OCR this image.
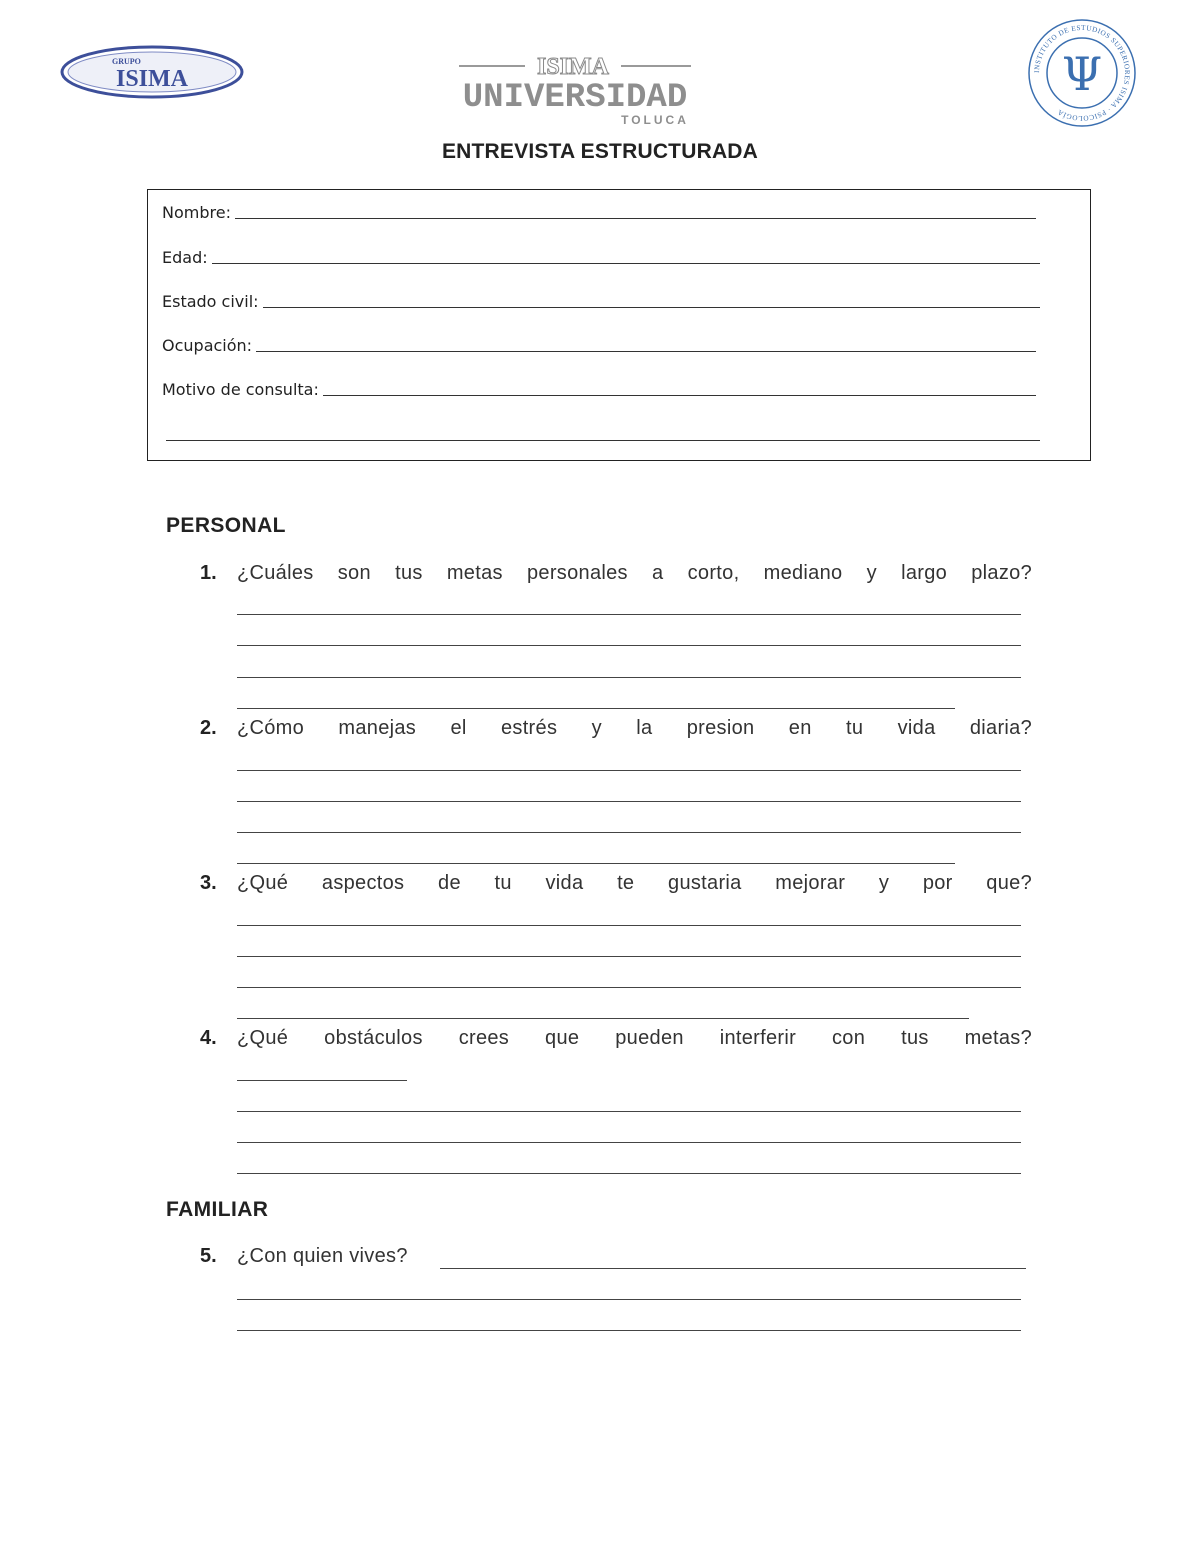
GRUPO
ISIMA	ISIMA
UNIVERSIDAD
TOLUCA
INSTITUTO DE ESTUDIOS SUPERIORES ISIMA · PSICOLOGÍA
Ψ
ENTREVISTA ESTRUCTURADA
Nombre:
Edad:
Estado civil:
Ocupación:
Motivo de consulta:
PERSONAL
1. ¿Cuáles son tus metas personales a corto, mediano y largo plazo?
2. ¿Cómo manejas el estrés y la presion en tu vida diaria?
3. ¿Qué aspectos de tu vida te gustaria mejorar y por que?
4. ¿Qué obstáculos crees que pueden interferir con tus metas?
FAMILIAR
5. ¿Con quien vives?
